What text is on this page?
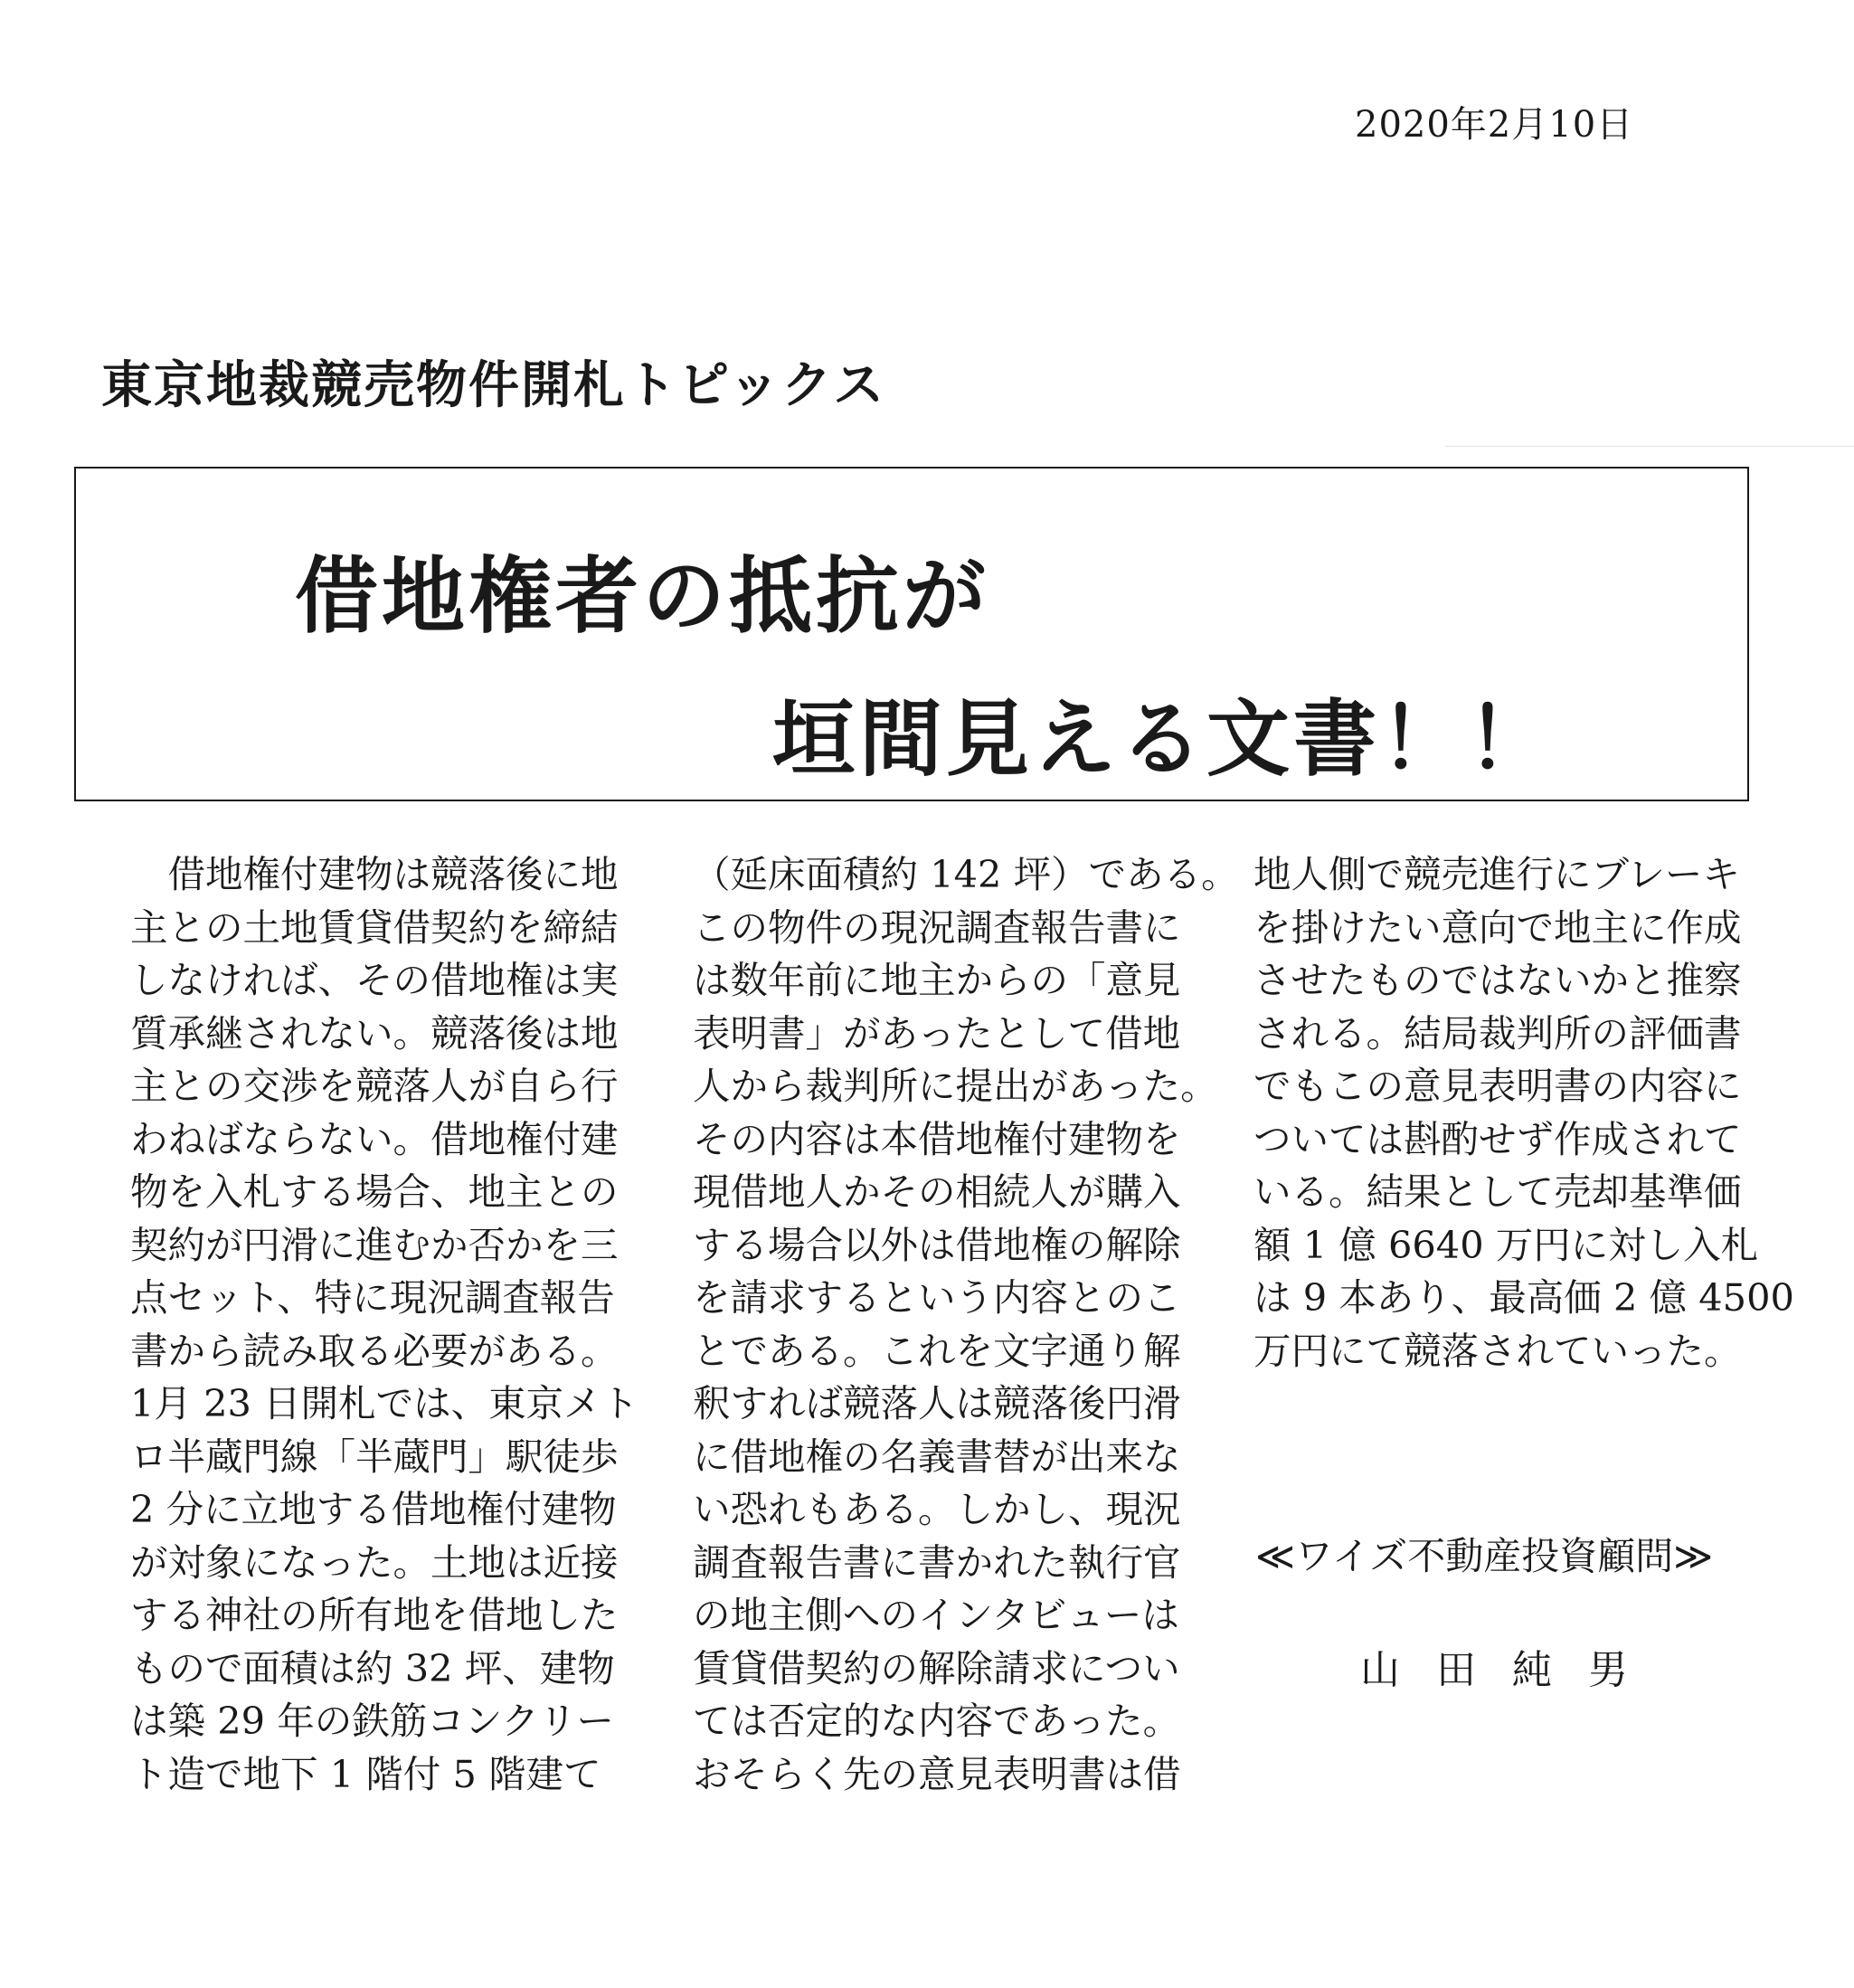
2020年2月10日
東京地裁競売物件開札トピックス
借地権者の抵抗が
垣間見える文書！！
　借地権付建物は競落後に地
主との土地賃貸借契約を締結
しなければ、その借地権は実
質承継されない。競落後は地
主との交渉を競落人が自ら行
わねばならない。借地権付建
物を入札する場合、地主との
契約が円滑に進むか否かを三
点セット、特に現況調査報告
書から読み取る必要がある。
1月 23 日開札では、東京メト
ロ半蔵門線「半蔵門」駅徒歩
2 分に立地する借地権付建物
が対象になった。土地は近接
する神社の所有地を借地した
もので面積は約 32 坪、建物
は築 29 年の鉄筋コンクリー
ト造で地下 1 階付 5 階建て
（延床面積約 142 坪）である。
この物件の現況調査報告書に
は数年前に地主からの「意見
表明書」があったとして借地
人から裁判所に提出があった。
その内容は本借地権付建物を
現借地人かその相続人が購入
する場合以外は借地権の解除
を請求するという内容とのこ
とである。これを文字通り解
釈すれば競落人は競落後円滑
に借地権の名義書替が出来な
い恐れもある。しかし、現況
調査報告書に書かれた執行官
の地主側へのインタビューは
賃貸借契約の解除請求につい
ては否定的な内容であった。
おそらく先の意見表明書は借
地人側で競売進行にブレーキ
を掛けたい意向で地主に作成
させたものではないかと推察
される。結局裁判所の評価書
でもこの意見表明書の内容に
ついては斟酌せず作成されて
いる。結果として売却基準価
額 1 億 6640 万円に対し入札
は 9 本あり、最高価 2 億 4500
万円にて競落されていった。
≪ワイズ不動産投資顧問≫
山田純男
